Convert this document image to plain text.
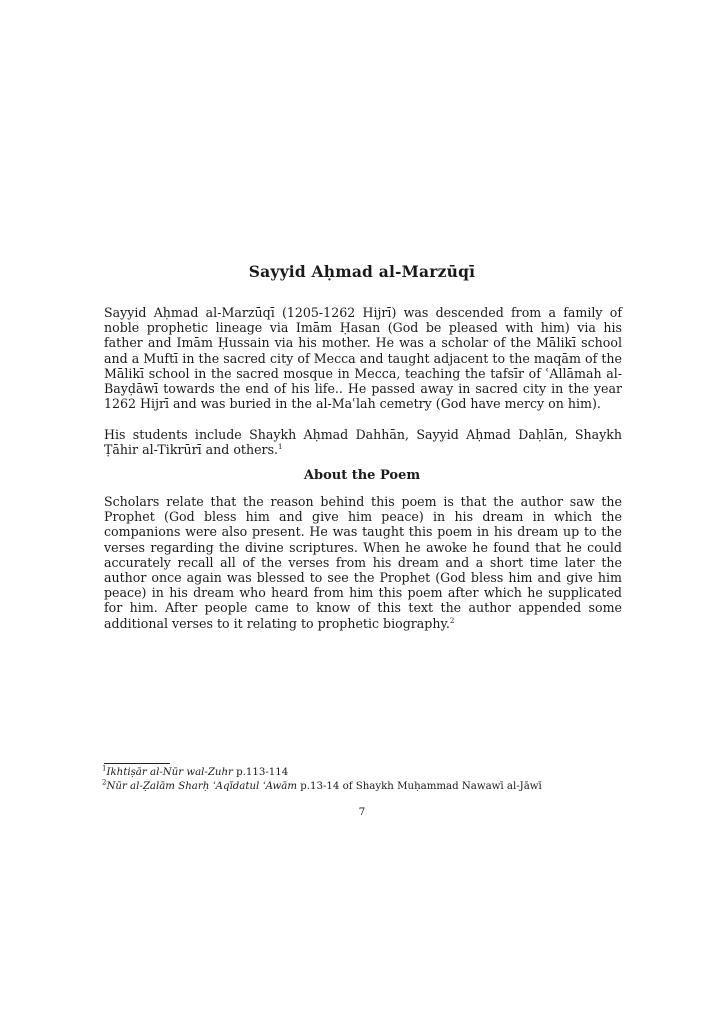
Sayyid Aḥmad al-Marzūqī

Sayyid Aḥmad al-Marzūqī (1205-1262 Hijrī) was descended from a family of noble prophetic lineage via Imām Ḥasan (God be pleased with him) via his father and Imām Ḥussain via his mother. He was a scholar of the Mālikī school and a Muftī in the sacred city of Mecca and taught adjacent to the maqām of the Mālikī school in the sacred mosque in Mecca, teaching the tafsīr of ʿAllāmah al-Bayḍāwī towards the end of his life.. He passed away in sacred city in the year 1262 Hijrī and was buried in the al-Maʿlah cemetry (God have mercy on him).

His students include Shaykh Aḥmad Dahhān, Sayyid Aḥmad Daḥlān, Shaykh Ṭāhir al-Tikrūrī and others.$^1$

About the Poem

Scholars relate that the reason behind this poem is that the author saw the Prophet (God bless him and give him peace) in his dream in which the companions were also present. He was taught this poem in his dream up to the verses regarding the divine scriptures. When he awoke he found that he could accurately recall all of the verses from his dream and a short time later the author once again was blessed to see the Prophet (God bless him and give him peace) in his dream who heard from him this poem after which he supplicated for him. After people came to know of this text the author appended some additional verses to it relating to prophetic biography.$^2$

$^1$Ikhtiṣār al-Nūr wal-Zuhr p.113-114
$^2$Nūr al-Ẓalām Sharḥ ʿAqīdatul ʿAwām p.13-14 of Shaykh Muḥammad Nawawī al-Jāwī
7
